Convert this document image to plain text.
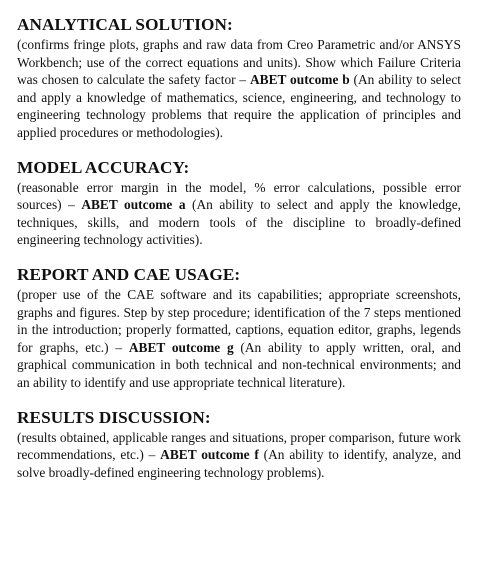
ANALYTICAL SOLUTION:

(confirms fringe plots, graphs and raw data from Creo Parametric and/or ANSYS Workbench; use of the correct equations and units). Show which Failure Criteria was chosen to calculate the safety factor – ABET outcome b (An ability to select and apply a knowledge of mathematics, science, engineering, and technology to engineering technology problems that require the application of principles and applied procedures or methodologies).

MODEL ACCURACY:

(reasonable error margin in the model, % error calculations, possible error sources) – ABET outcome a (An ability to select and apply the knowledge, techniques, skills, and modern tools of the discipline to broadly-defined engineering technology activities).

REPORT AND CAE USAGE:

(proper use of the CAE software and its capabilities; appropriate screenshots, graphs and figures. Step by step procedure; identification of the 7 steps mentioned in the introduction; properly formatted, captions, equation editor, graphs, legends for graphs, etc.) – ABET outcome g (An ability to apply written, oral, and graphical communication in both technical and non-technical environments; and an ability to identify and use appropriate technical literature).

RESULTS DISCUSSION:

(results obtained, applicable ranges and situations, proper comparison, future work recommendations, etc.) – ABET outcome f (An ability to identify, analyze, and solve broadly-defined engineering technology problems).
